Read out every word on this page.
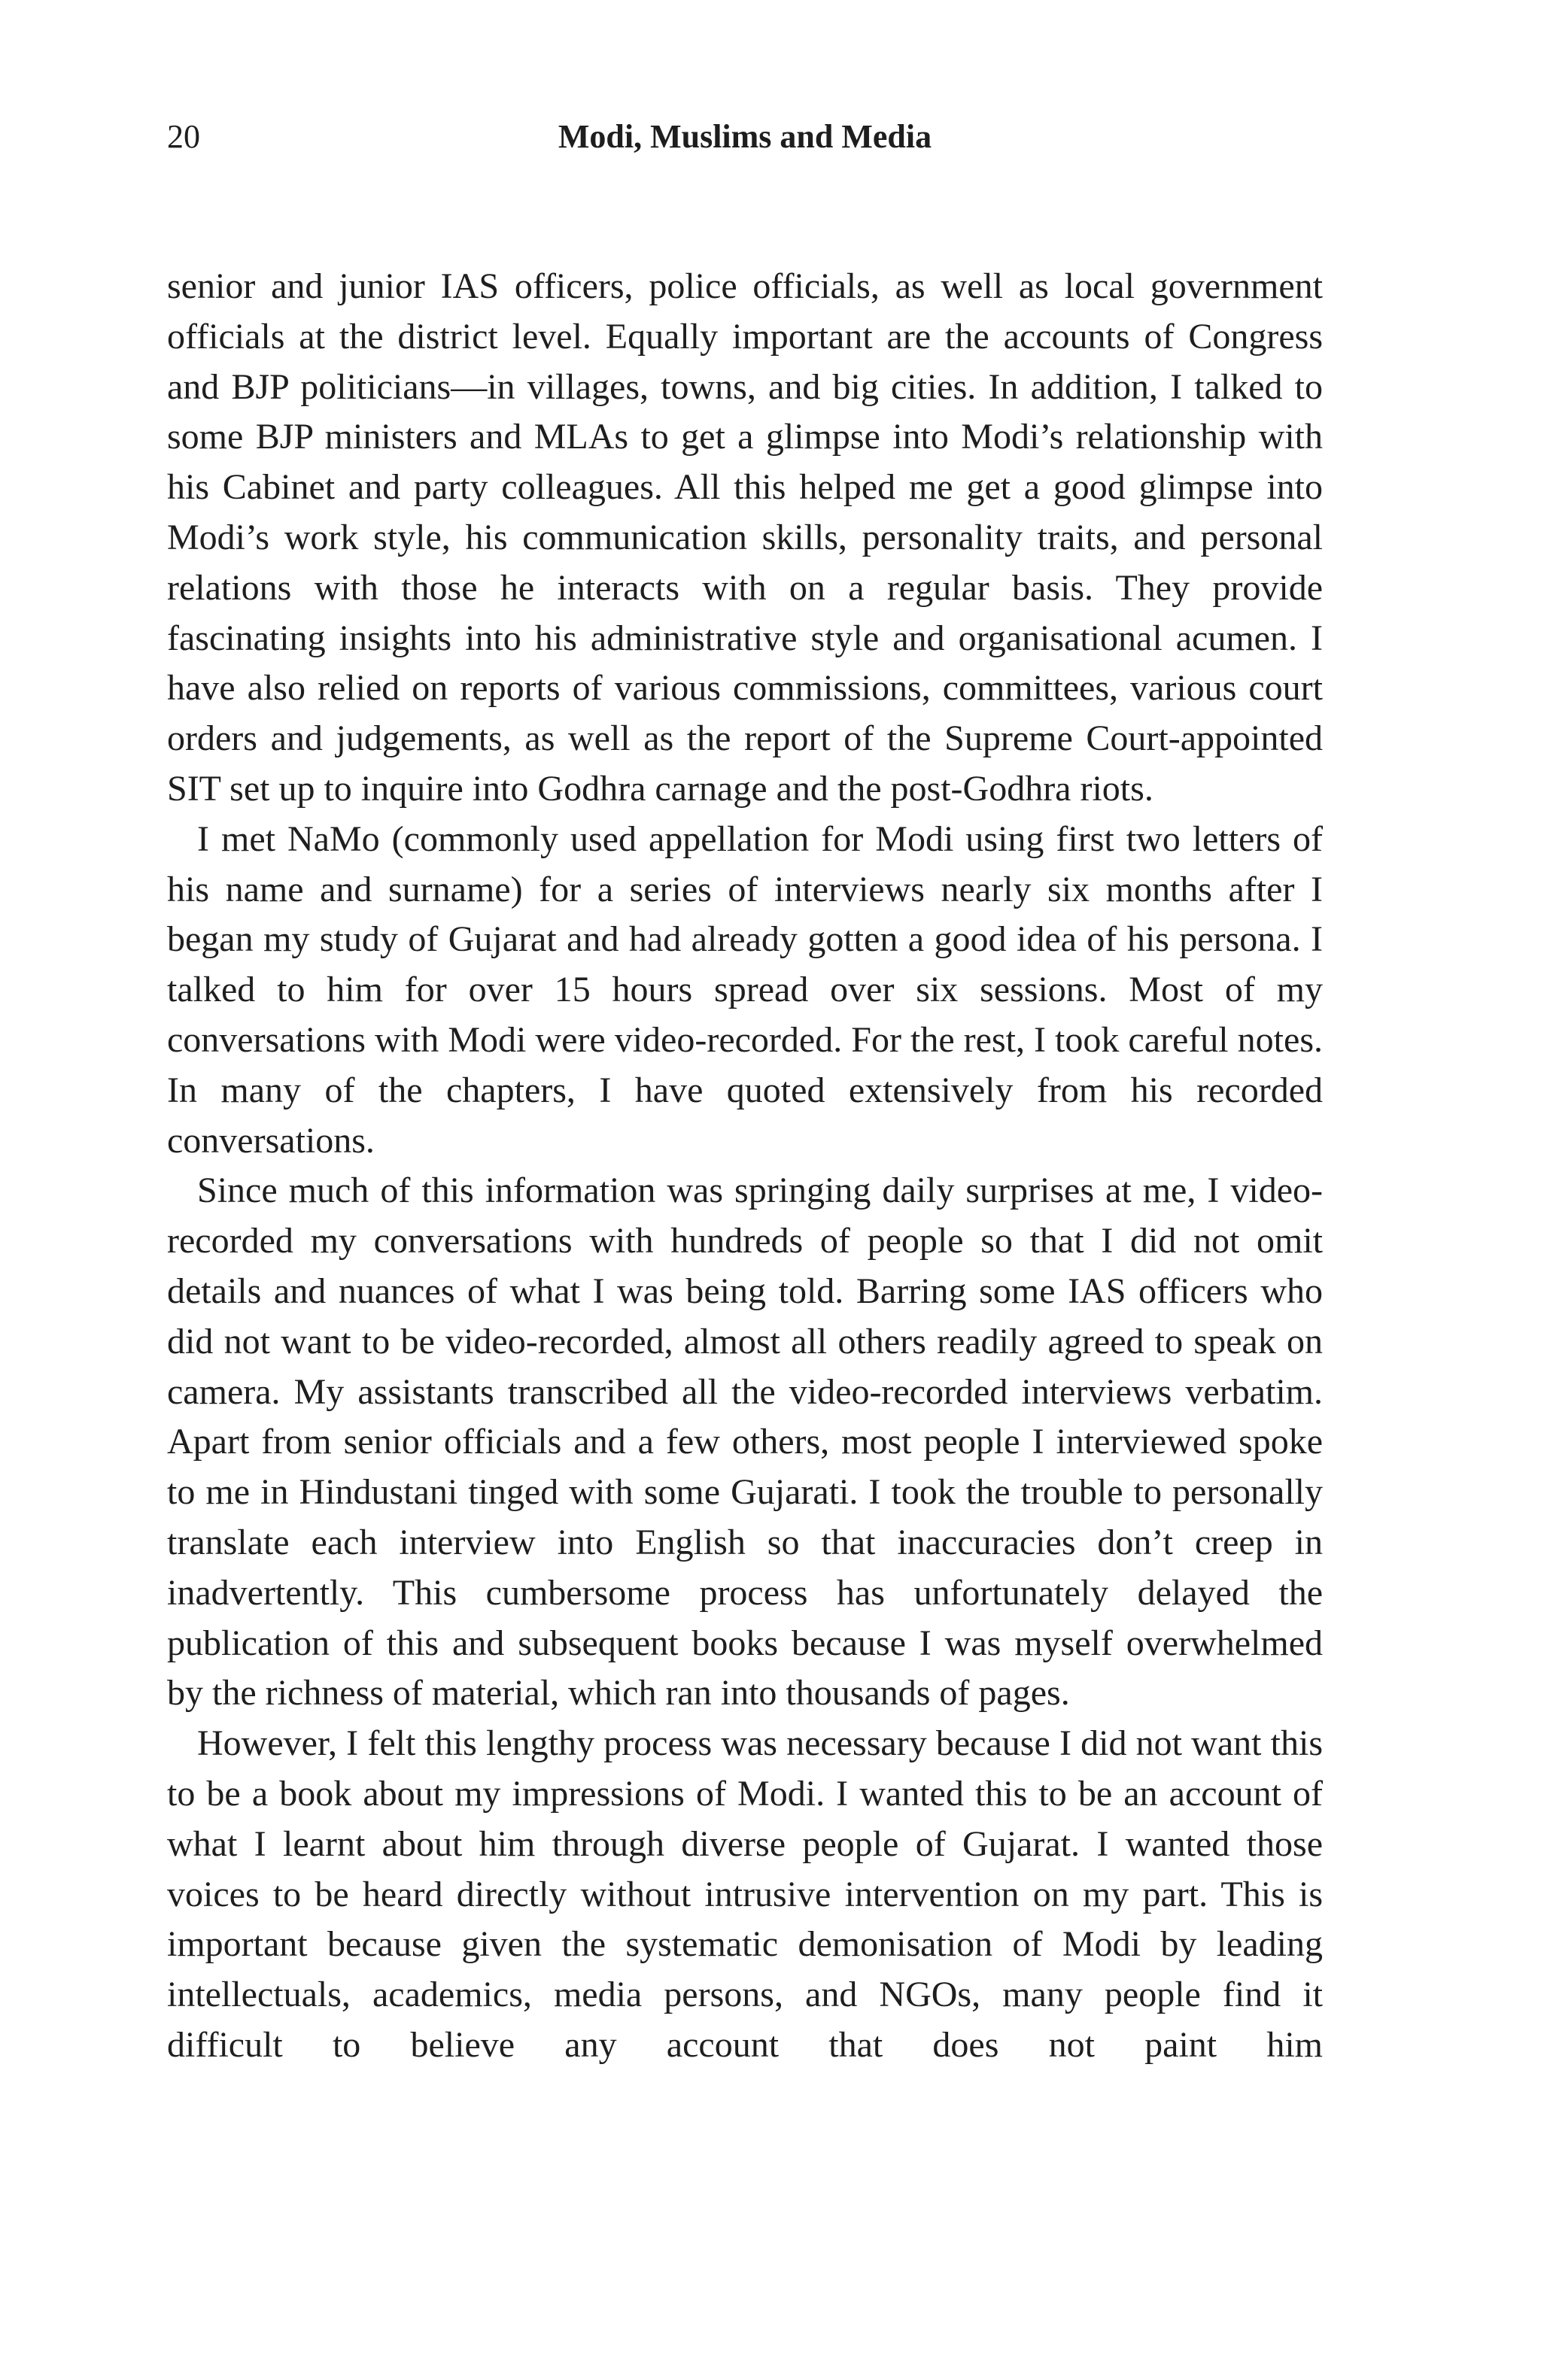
20	Modi, Muslims and Media

senior and junior IAS officers, police officials, as well as local government officials at the district level. Equally important are the accounts of Congress and BJP politicians—in villages, towns, and big cities. In addition, I talked to some BJP ministers and MLAs to get a glimpse into Modi’s relationship with his Cabinet and party colleagues. All this helped me get a good glimpse into Modi’s work style, his communication skills, personality traits, and personal relations with those he interacts with on a regular basis. They provide fascinating insights into his administrative style and organisational acumen. I have also relied on reports of various commissions, committees, various court orders and judgements, as well as the report of the Supreme Court-appointed SIT set up to inquire into Godhra carnage and the post-Godhra riots.

I met NaMo (commonly used appellation for Modi using first two letters of his name and surname) for a series of interviews nearly six months after I began my study of Gujarat and had already gotten a good idea of his persona. I talked to him for over 15 hours spread over six sessions. Most of my conversations with Modi were video-recorded. For the rest, I took careful notes. In many of the chapters, I have quoted extensively from his recorded conversations.

Since much of this information was springing daily surprises at me, I video-recorded my conversations with hundreds of people so that I did not omit details and nuances of what I was being told. Barring some IAS officers who did not want to be video-recorded, almost all others readily agreed to speak on camera. My assistants transcribed all the video-recorded interviews verbatim. Apart from senior officials and a few others, most people I interviewed spoke to me in Hindustani tinged with some Gujarati. I took the trouble to personally translate each interview into English so that inaccuracies don’t creep in inadvertently. This cumbersome process has unfortunately delayed the publication of this and subsequent books because I was myself overwhelmed by the richness of material, which ran into thousands of pages.

However, I felt this lengthy process was necessary because I did not want this to be a book about my impressions of Modi. I wanted this to be an account of what I learnt about him through diverse people of Gujarat. I wanted those voices to be heard directly without intrusive intervention on my part. This is important because given the systematic demonisation of Modi by leading intellectuals, academics, media persons, and NGOs, many people find it difficult to believe any account that does not paint him
